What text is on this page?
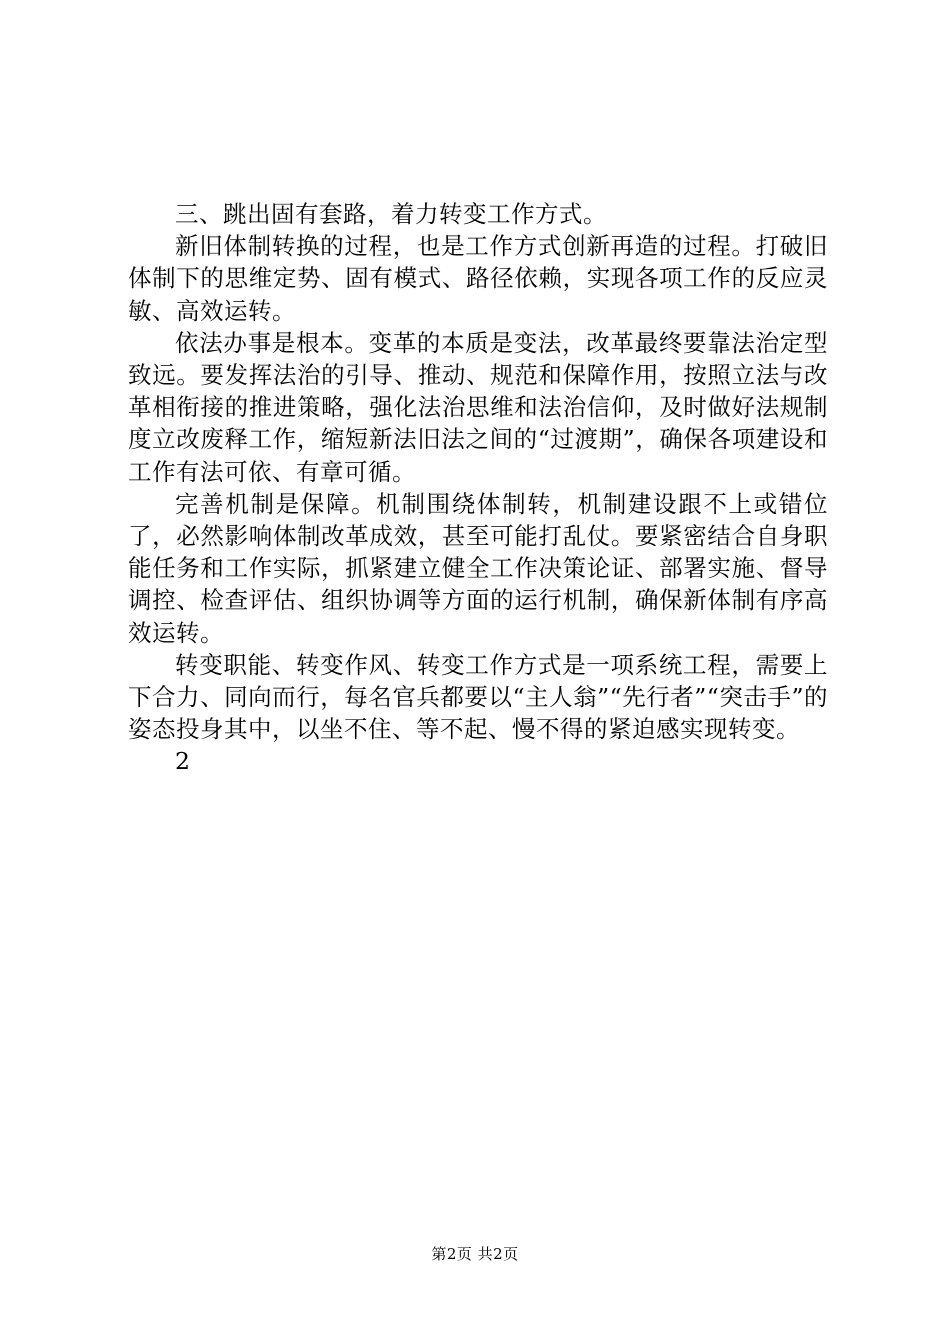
三、跳出固有套路，着力转变工作方式。

新旧体制转换的过程，也是工作方式创新再造的过程。打破旧体制下的思维定势、固有模式、路径依赖，实现各项工作的反应灵敏、高效运转。

依法办事是根本。变革的本质是变法，改革最终要靠法治定型致远。要发挥法治的引导、推动、规范和保障作用，按照立法与改革相衔接的推进策略，强化法治思维和法治信仰，及时做好法规制度立改废释工作，缩短新法旧法之间的“过渡期”，确保各项建设和工作有法可依、有章可循。

完善机制是保障。机制围绕体制转，机制建设跟不上或错位了，必然影响体制改革成效，甚至可能打乱仗。要紧密结合自身职能任务和工作实际，抓紧建立健全工作决策论证、部署实施、督导调控、检查评估、组织协调等方面的运行机制，确保新体制有序高效运转。

转变职能、转变作风、转变工作方式是一项系统工程，需要上下合力、同向而行，每名官兵都要以“主人翁”“先行者”“突击手”的姿态投身其中，以坐不住、等不起、慢不得的紧迫感实现转变。

2

第2页 共2页
